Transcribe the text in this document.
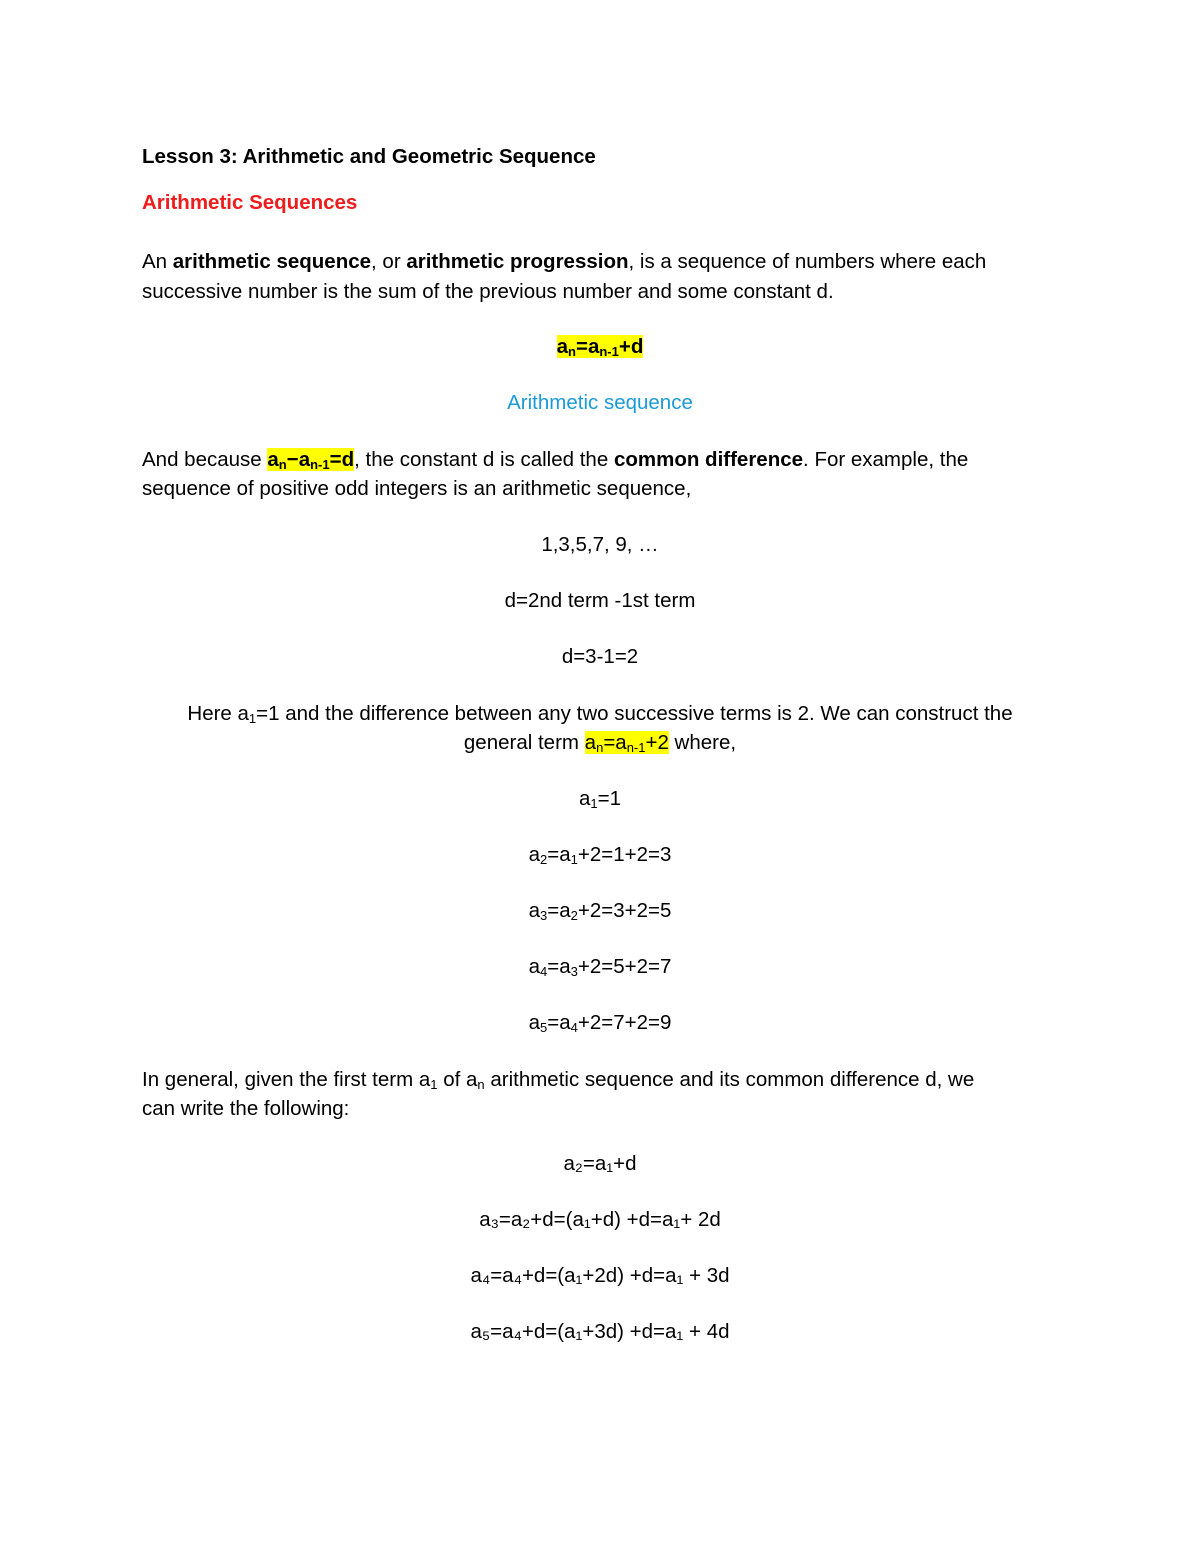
Lesson 3: Arithmetic and Geometric Sequence
Arithmetic Sequences
An arithmetic sequence, or arithmetic progression, is a sequence of numbers where each
successive number is the sum of the previous number and some constant d.
$a_n=a_{n-1}+d$
Arithmetic sequence
And because $a_n-a_{n-1}=d$, the constant d is called the common difference. For example, the
sequence of positive odd integers is an arithmetic sequence,
1,3,5,7, 9, …
d=2nd term -1st term
d=3-1=2
Here $a_1=1$ and the difference between any two successive terms is 2. We can construct the
general term $a_n=a_{n-1}+2$ where,
$a_1=1$
$a_2=a_1+2=1+2=3$
$a_3=a_2+2=3+2=5$
$a_4=a_3+2=5+2=7$
$a_5=a_4+2=7+2=9$
In general, given the first term $a_1$ of $a_n$ arithmetic sequence and its common difference d, we
can write the following:
a₂=a₁+d
a₃=a₂+d=(a₁+d) +d=a₁+ 2d
a₄=a₄+d=(a₁+2d) +d=a₁ + 3d
a₅=a₄+d=(a₁+3d) +d=a₁ + 4d
